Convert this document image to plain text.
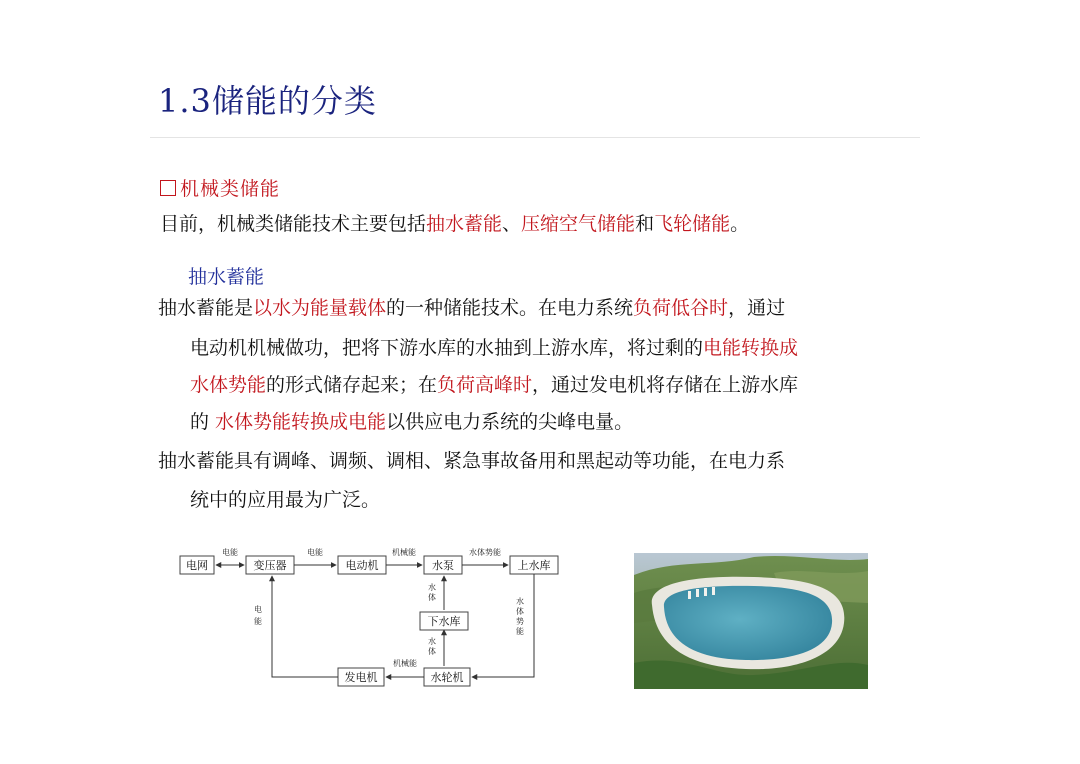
1.3储能的分类
机械类储能
目前，机械类储能技术主要包括抽水蓄能、压缩空气储能和飞轮储能。
抽水蓄能
抽水蓄能是以水为能量载体的一种储能技术。在电力系统负荷低谷时，通过
电动机机械做功，把将下游水库的水抽到上游水库，将过剩的电能转换成
水体势能的形式储存起来；在负荷高峰时，通过发电机将存储在上游水库
的 水体势能转换成电能以供应电力系统的尖峰电量。
抽水蓄能具有调峰、调频、调相、紧急事故备用和黑起动等功能，在电力系
统中的应用最为广泛。
电网	变压器	电动机	水泵	上水库
下水库
发电机	水轮机
电能	电能	机械能	水体势能
水
体
水
体
电
能
水
体
势
能
机械能
